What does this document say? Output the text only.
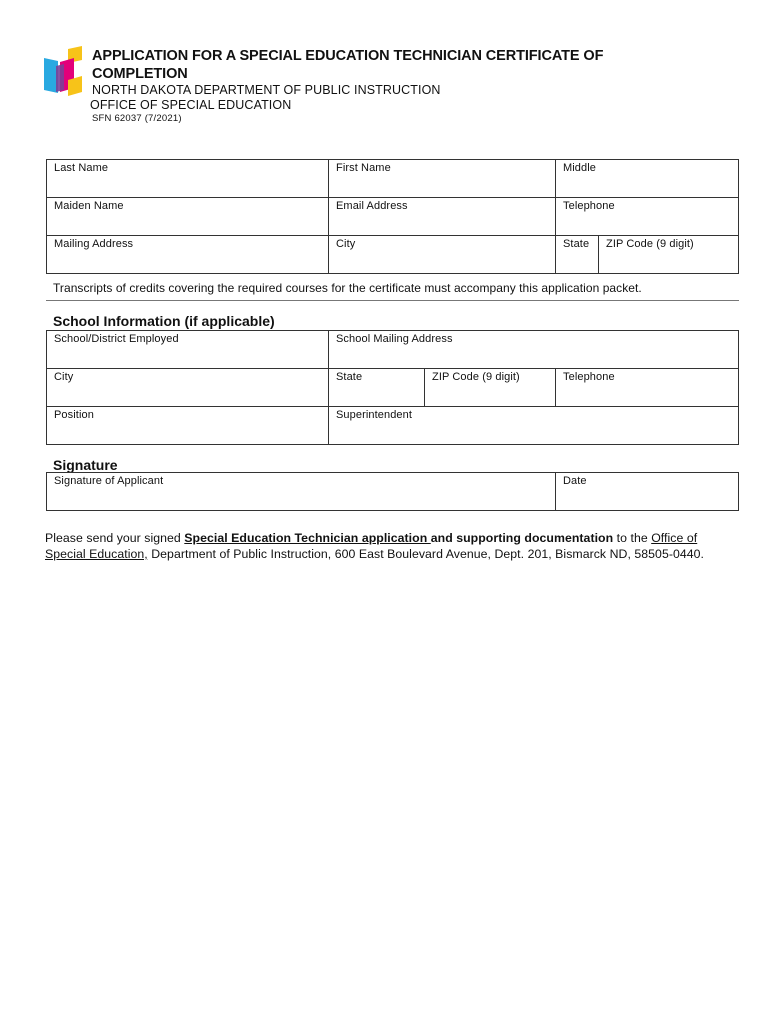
APPLICATION FOR A SPECIAL EDUCATION TECHNICIAN CERTIFICATE OF COMPLETION
NORTH DAKOTA DEPARTMENT OF PUBLIC INSTRUCTION
OFFICE OF SPECIAL EDUCATION
SFN 62037 (7/2021)
Last Name	First Name	Middle
Maiden Name	Email Address	Telephone
Mailing Address	City	State ZIP Code (9 digit)
Transcripts of credits covering the required courses for the certificate must accompany this application packet.
School Information (if applicable)
School/District Employed	School Mailing Address
City	State	ZIP Code (9 digit)	Telephone
Position	Superintendent
Signature
Signature of Applicant	Date
Please send your signed Special Education Technician application and supporting documentation to the Office of Special Education, Department of Public Instruction, 600 East Boulevard Avenue, Dept. 201, Bismarck ND, 58505-0440.
